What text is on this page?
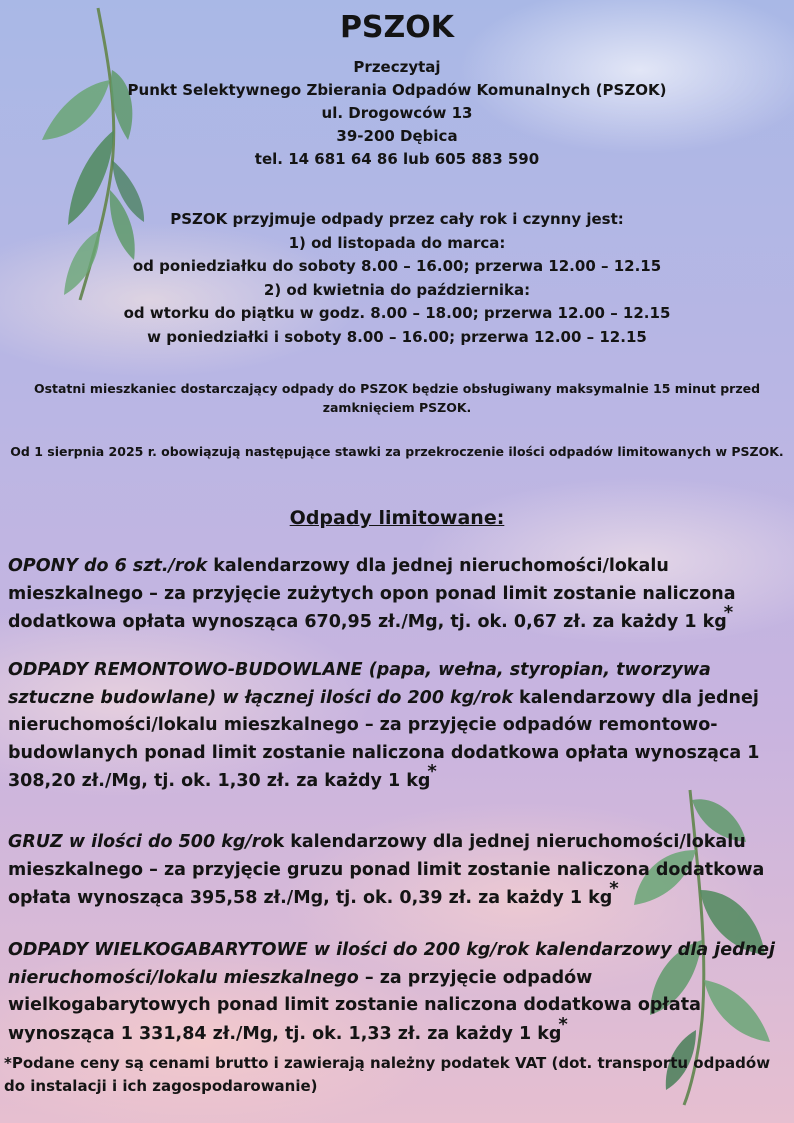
PSZOK
Przeczytaj
Punkt Selektywnego Zbierania Odpadów Komunalnych (PSZOK)
ul. Drogowców 13
39-200 Dębica
tel. 14 681 64 86 lub 605 883 590
PSZOK przyjmuje odpady przez cały rok i czynny jest:
1) od listopada do marca:
od poniedziałku do soboty 8.00 – 16.00; przerwa 12.00 – 12.15
2) od kwietnia do października:
od wtorku do piątku w godz. 8.00 – 18.00; przerwa 12.00 – 12.15
w poniedziałki i soboty 8.00 – 16.00; przerwa 12.00 – 12.15
Ostatni mieszkaniec dostarczający odpady do PSZOK będzie obsługiwany maksymalnie 15 minut przed zamknięciem PSZOK.
Od 1 sierpnia 2025 r. obowiązują następujące stawki za przekroczenie ilości odpadów limitowanych w PSZOK.
Odpady limitowane:
OPONY do 6 szt./rok kalendarzowy dla jednej nieruchomości/lokalu mieszkalnego – za przyjęcie zużytych opon ponad limit zostanie naliczona dodatkowa opłata wynosząca 670,95 zł./Mg, tj. ok. 0,67 zł. za każdy 1 kg*
ODPADY REMONTOWO-BUDOWLANE (papa, wełna, styropian, tworzywa sztuczne budowlane) w łącznej ilości do 200 kg/rok kalendarzowy dla jednej nieruchomości/lokalu mieszkalnego – za przyjęcie odpadów remontowo-budowlanych ponad limit zostanie naliczona dodatkowa opłata wynosząca 1 308,20 zł./Mg, tj. ok. 1,30 zł. za każdy 1 kg*
GRUZ w ilości do 500 kg/rok kalendarzowy dla jednej nieruchomości/lokalu mieszkalnego – za przyjęcie gruzu ponad limit zostanie naliczona dodatkowa opłata wynosząca 395,58 zł./Mg, tj. ok. 0,39 zł. za każdy 1 kg*
ODPADY WIELKOGABARYTOWE w ilości do 200 kg/rok kalendarzowy dla jednej nieruchomości/lokalu mieszkalnego – za przyjęcie odpadów wielkogabarytowych ponad limit zostanie naliczona dodatkowa opłata wynosząca 1 331,84 zł./Mg, tj. ok. 1,33 zł. za każdy 1 kg*
*Podane ceny są cenami brutto i zawierają należny podatek VAT (dot. transportu odpadów do instalacji i ich zagospodarowanie)
